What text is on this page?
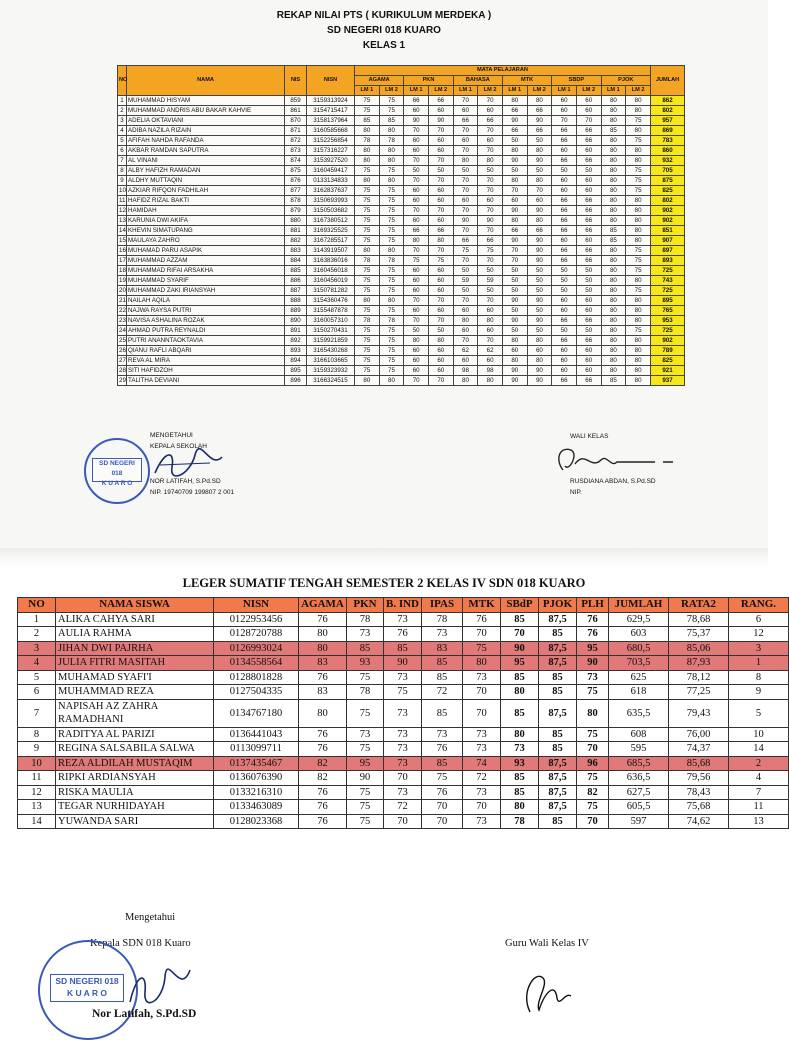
REKAP NILAI PTS ( KURIKULUM MERDEKA )
SD NEGERI 018 KUARO
KELAS 1
NO	NAMA	NIS	NISN	MATA PELAJARAN												JUMLAH
				AGAMA		PKN		BAHASA		MTK		SBDP		PJOK		
				LM 1	LM 2	LM 1	LM 2	LM 1	LM 2	LM 1	LM 2	LM 1	LM 2	LM 1	LM 2	
1	MUHAMMAD HISYAM	859	3159313924	75	75	66	66	70	70	80	80	60	60	80	80	862
2	MUHAMMAD ANDRIS ABU BAKAR KAHVIE	861	3154715417	75	75	60	60	60	60	66	66	60	60	80	80	802
3	ADELIA OKTAVIANI	870	3158137964	85	85	90	90	66	66	90	90	70	70	80	75	957
4	ADIBA NAZILA RIZAIN	871	3160585668	80	80	70	70	70	70	66	66	66	66	85	80	869
5	AFIFAH NAHDA RAFANDA	872	3152256854	78	78	60	60	60	60	50	50	66	66	80	75	783
6	AKBAR RAMDAN SAPUTRA	873	3157316227	80	80	60	60	70	70	80	80	60	60	80	80	860
7	AL VINANI	874	3153927520	80	80	70	70	80	80	90	90	66	66	80	80	932
8	ALBY HAFIZH RAMADAN	875	3160459417	75	75	50	50	50	50	50	50	50	50	80	75	705
9	ALDHY MUTTAQIN	876	0133134833	80	80	70	70	70	70	80	80	60	60	80	75	875
10	AZKIAR RIFQON FADHILAH	877	3162837637	75	75	60	60	70	70	70	70	60	60	80	75	825
11	HAFIDZ RIZAL BAKTI	878	3150693993	75	75	60	60	60	60	60	60	66	66	80	80	802
12	HAMIDAH	879	3150503682	75	75	70	70	70	70	90	90	66	66	80	80	902
13	KARUNIA DWI AKIFA	880	3167380512	75	75	60	60	90	90	80	80	66	66	80	80	902
14	KHEVIN SIMATUPANG	881	3169325525	75	75	66	66	70	70	66	66	66	66	85	80	851
15	MAULAYA ZAHRO	882	3167285517	75	75	80	80	66	66	90	90	60	60	85	80	907
16	MUHAMAD PARU ASAPIK	883	3143919507	80	80	70	70	75	75	70	90	66	66	80	75	897
17	MUHAMMAD AZZAM	884	3163836016	78	78	75	75	70	70	70	90	66	66	80	75	893
18	MUHAMMAD RIFAI ARSAKHA	885	3160456018	75	75	60	60	50	50	50	50	50	50	80	75	725
19	MUHAMMAD SYARIF	886	3160456019	75	75	60	60	59	59	50	50	50	50	80	80	743
20	MUHAMMAD ZAKI IRIANSYAH	887	3150781282	75	75	60	60	50	50	50	50	50	50	80	75	725
21	NAILAH AQILA	888	3154360476	80	80	70	70	70	70	90	90	60	60	80	80	895
22	NAJWA RAYSA PUTRI	889	3155487878	75	75	60	60	60	60	50	50	60	60	80	80	765
23	NAVISA ASHALINA ROZAK	890	3160057310	78	78	70	70	80	80	90	90	66	66	80	80	953
24	AHMAD PUTRA REYNALDI	891	3150270431	75	75	50	50	60	60	50	50	50	50	80	75	725
25	PUTRI ANANNTAOKTAVIA	892	3159921859	75	75	80	80	70	70	80	80	66	66	80	80	902
26	QIANU RAFLI ABQARI	893	3165430268	75	75	60	60	62	62	60	60	60	60	80	80	789
27	REVA AL MIRA	894	3166103665	75	75	60	60	60	60	80	80	60	60	80	80	825
28	SITI HAFIDZOH	895	3159323932	75	75	60	60	98	98	90	90	60	60	80	80	921
29	TALITHA DEVIANI	896	3166324515	80	80	70	70	80	80	90	90	66	66	85	80	937
MENGETAHUI
KEPALA SEKOLAH
NOR LATIFAH, S.Pd.SD
NIP. 19740709 199807 2 001
SD NEGERI 018
K U A R O
WALI KELAS
RUSDIANA ABDAN, S.Pd.SD
NIP.
LEGER SUMATIF TENGAH SEMESTER 2 KELAS IV SDN 018 KUARO
NO	NAMA SISWA	NISN	AGAMA	PKN	B. IND	IPAS	MTK	SBdP	PJOK	PLH	JUMLAH	RATA2	RANG.
1	ALIKA CAHYA SARI	0122953456	76	78	73	78	76	85	87,5	76	629,5	78,68	6
2	AULIA RAHMA	0128720788	80	73	76	73	70	70	85	76	603	75,37	12
3	JIHAN DWI PAJRHA	0126993024	80	85	85	83	75	90	87,5	95	680,5	85,06	3
4	JULIA FITRI MASITAH	0134558564	83	93	90	85	80	95	87,5	90	703,5	87,93	1
5	MUHAMAD SYAFI'I	0128801828	76	75	73	85	73	85	85	73	625	78,12	8
6	MUHAMMAD REZA	0127504335	83	78	75	72	70	80	85	75	618	77,25	9
7	NAPISAH AZ ZAHRA RAMADHANI	0134767180	80	75	73	85	70	85	87,5	80	635,5	79,43	5
8	RADITYA AL PARIZI	0136441043	76	73	73	73	73	80	85	75	608	76,00	10
9	REGINA SALSABILA SALWA	0113099711	76	75	73	76	73	73	85	70	595	74,37	14
10	REZA ALDILAH MUSTAQIM	0137435467	82	95	73	85	74	93	87,5	96	685,5	85,68	2
11	RIPKI ARDIANSYAH	0136076390	82	90	70	75	72	85	87,5	75	636,5	79,56	4
12	RISKA MAULIA	0133216310	76	75	73	76	73	85	87,5	82	627,5	78,43	7
13	TEGAR NURHIDAYAH	0133463089	76	75	72	70	70	80	87,5	75	605,5	75,68	11
14	YUWANDA SARI	0128023368	76	75	70	70	73	78	85	70	597	74,62	13
Mengetahui
Kepala SDN 018 Kuaro
SD NEGERI 018
K U A R O
Nor Latifah, S.Pd.SD
Guru Wali Kelas IV
